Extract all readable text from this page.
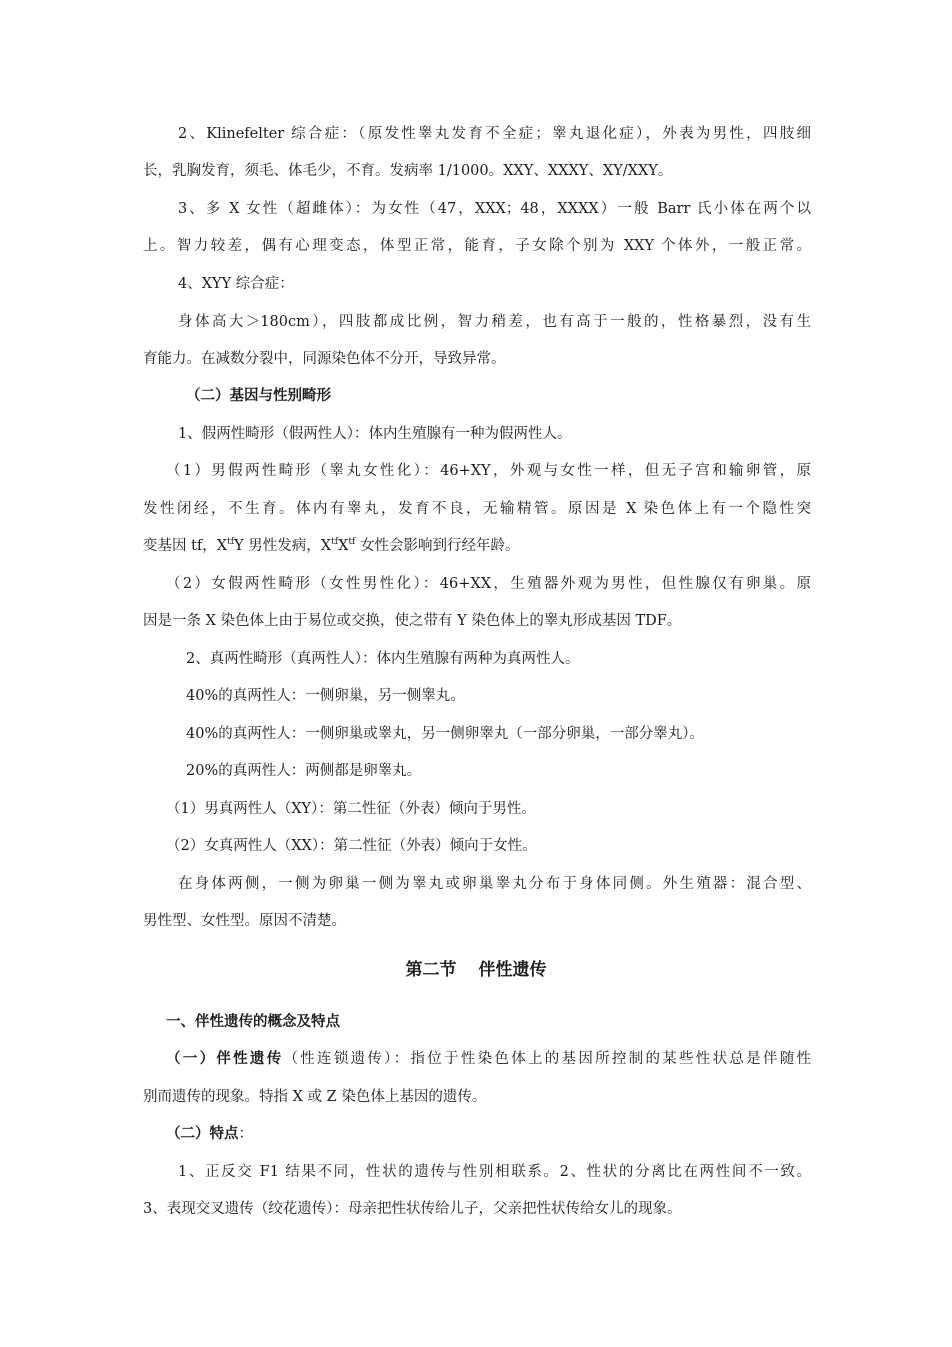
2、Klinefelter 综合症：（原发性睾丸发育不全症；睾丸退化症），外表为男性，四肢细
长，乳胸发育，须毛、体毛少，不育。发病率 1/1000。XXY、XXXY、XY/XXY。
3、多 X 女性（超雌体）：为女性（47，XXX；48，XXXX）一般 Barr 氏小体在两个以
上。智力较差，偶有心理变态，体型正常，能育，子女除个别为 XXY 个体外，一般正常。
4、XYY 综合症：
身体高大＞180cm），四肢都成比例，智力稍差，也有高于一般的，性格暴烈，没有生
育能力。在减数分裂中，同源染色体不分开，导致异常。
（二）基因与性别畸形
1、假两性畸形（假两性人）：体内生殖腺有一种为假两性人。
（1）男假两性畸形（睾丸女性化）：46+XY，外观与女性一样，但无子宫和输卵管，原
发性闭经，不生育。体内有睾丸，发育不良，无输精管。原因是 X 染色体上有一个隐性突
变基因 tf，$X^{tf}Y$ 男性发病，$X^{tf}X^{tf}$ 女性会影响到行经年龄。
（2）女假两性畸形（女性男性化）：46+XX，生殖器外观为男性，但性腺仅有卵巢。原
因是一条 X 染色体上由于易位或交换，使之带有 Y 染色体上的睾丸形成基因 TDF。
2、真两性畸形（真两性人）：体内生殖腺有两种为真两性人。
40%的真两性人：一侧卵巢，另一侧睾丸。
40%的真两性人：一侧卵巢或睾丸，另一侧卵睾丸（一部分卵巢，一部分睾丸）。
20%的真两性人：两侧都是卵睾丸。
（1）男真两性人（XY）：第二性征（外表）倾向于男性。
（2）女真两性人（XX）：第二性征（外表）倾向于女性。
在身体两侧，一侧为卵巢一侧为睾丸或卵巢睾丸分布于身体同侧。外生殖器：混合型、
男性型、女性型。原因不清楚。
第二节 伴性遗传
一、伴性遗传的概念及特点
（一）伴性遗传（性连锁遗传）：指位于性染色体上的基因所控制的某些性状总是伴随性
别而遗传的现象。特指 X 或 Z 染色体上基因的遗传。
（二）特点：
1、正反交 F1 结果不同，性状的遗传与性别相联系。2、性状的分离比在两性间不一致。
3、表现交叉遗传（绞花遗传）：母亲把性状传给儿子，父亲把性状传给女儿的现象。
